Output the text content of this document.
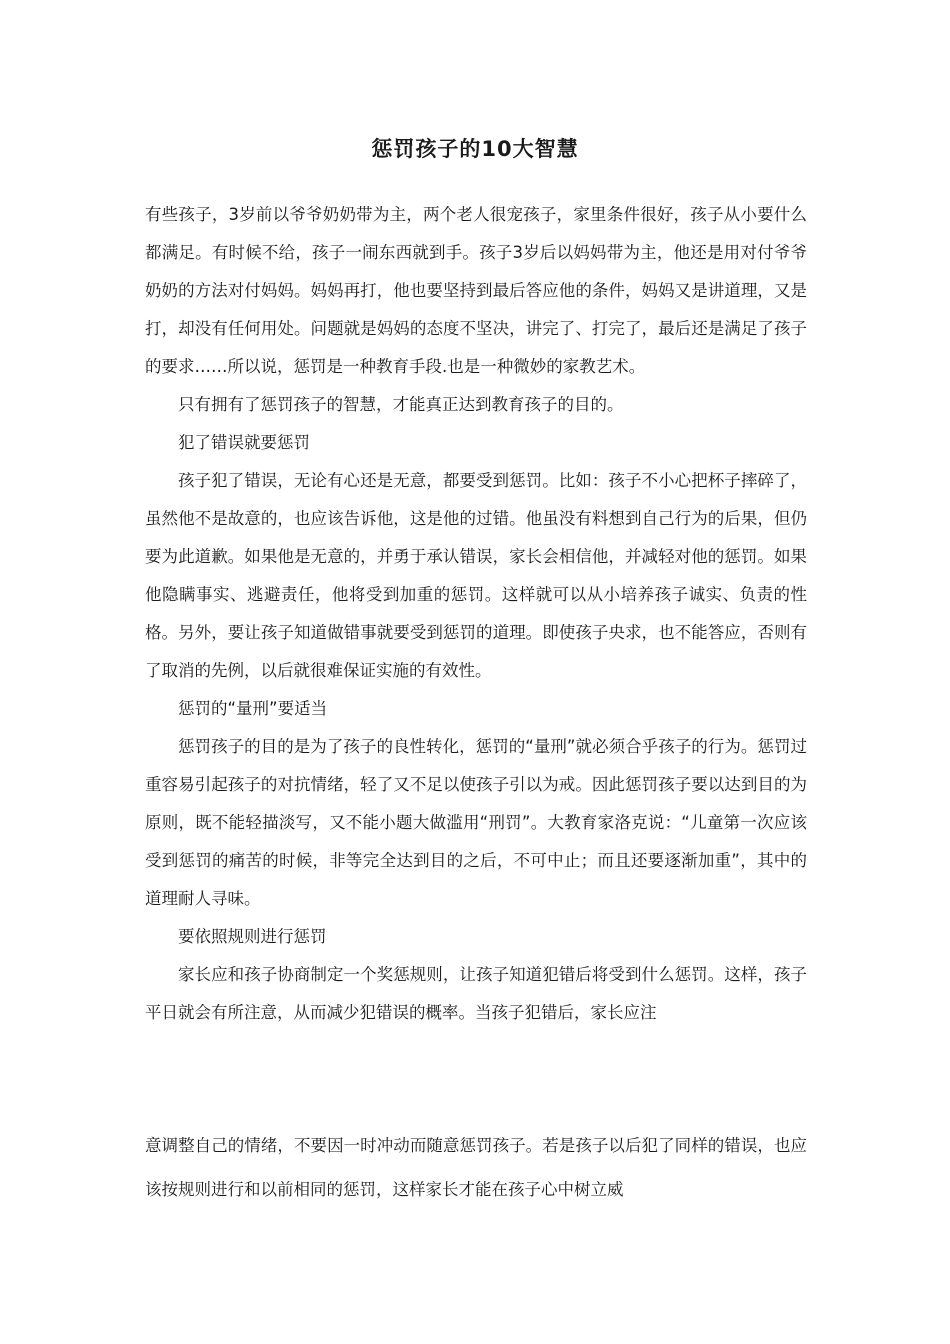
惩罚孩子的10大智慧

有些孩子，3岁前以爷爷奶奶带为主，两个老人很宠孩子，家里条件很好，孩子从小要什么都满足。有时候不给，孩子一闹东西就到手。孩子3岁后以妈妈带为主，他还是用对付爷爷奶奶的方法对付妈妈。妈妈再打，他也要坚持到最后答应他的条件，妈妈又是讲道理，又是打，却没有任何用处。问题就是妈妈的态度不坚决，讲完了、打完了，最后还是满足了孩子的要求……所以说，惩罚是一种教育手段.也是一种微妙的家教艺术。

只有拥有了惩罚孩子的智慧，才能真正达到教育孩子的目的。

犯了错误就要惩罚

孩子犯了错误，无论有心还是无意，都要受到惩罚。比如：孩子不小心把杯子摔碎了，虽然他不是故意的，也应该告诉他，这是他的过错。他虽没有料想到自己行为的后果，但仍要为此道歉。如果他是无意的，并勇于承认错误，家长会相信他，并减轻对他的惩罚。如果他隐瞒事实、逃避责任，他将受到加重的惩罚。这样就可以从小培养孩子诚实、负责的性格。另外，要让孩子知道做错事就要受到惩罚的道理。即使孩子央求，也不能答应，否则有了取消的先例，以后就很难保证实施的有效性。

惩罚的“量刑”要适当

惩罚孩子的目的是为了孩子的良性转化，惩罚的“量刑”就必须合乎孩子的行为。惩罚过重容易引起孩子的对抗情绪，轻了又不足以使孩子引以为戒。因此惩罚孩子要以达到目的为原则，既不能轻描淡写，又不能小题大做滥用“刑罚”。大教育家洛克说：“儿童第一次应该受到惩罚的痛苦的时候，非等完全达到目的之后，不可中止；而且还要逐渐加重”，其中的道理耐人寻味。

要依照规则进行惩罚

家长应和孩子协商制定一个奖惩规则，让孩子知道犯错后将受到什么惩罚。这样，孩子平日就会有所注意，从而减少犯错误的概率。当孩子犯错后，家长应注

意调整自己的情绪，不要因一时冲动而随意惩罚孩子。若是孩子以后犯了同样的错误，也应该按规则进行和以前相同的惩罚，这样家长才能在孩子心中树立威
